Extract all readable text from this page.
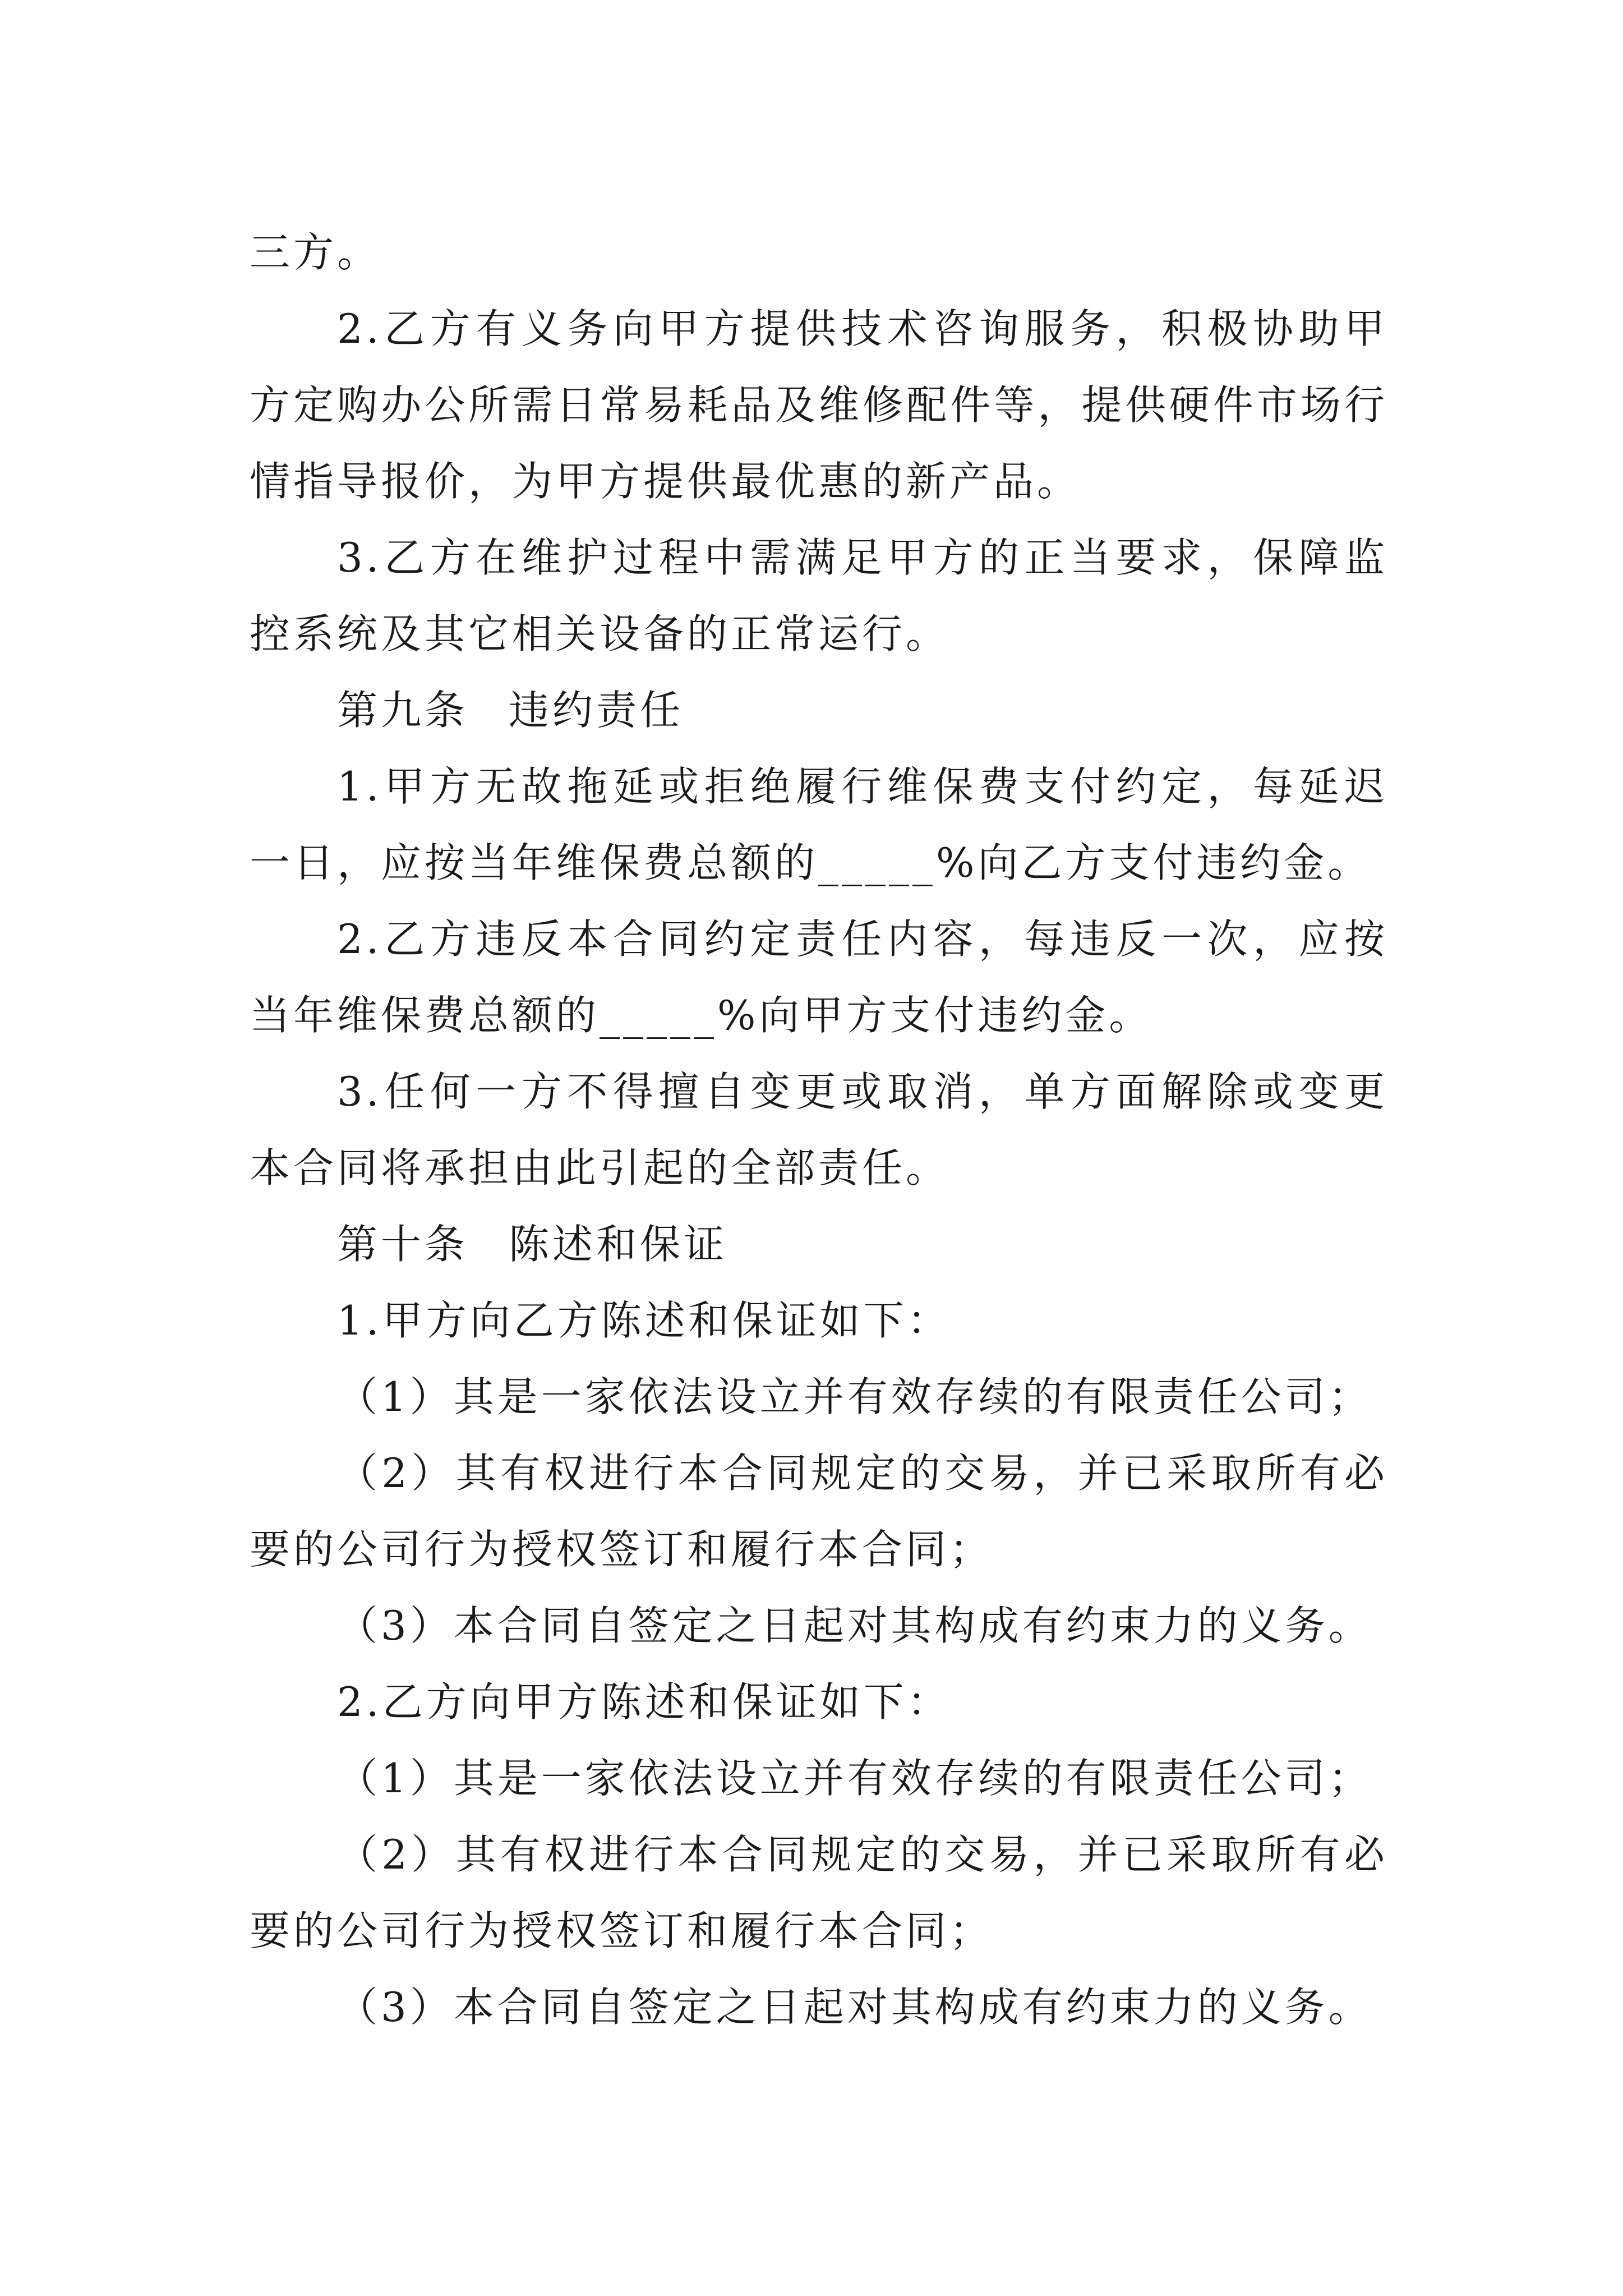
三方。

2.乙方有义务向甲方提供技术咨询服务，积极协助甲方定购办公所需日常易耗品及维修配件等，提供硬件市场行情指导报价，为甲方提供最优惠的新产品。

3.乙方在维护过程中需满足甲方的正当要求，保障监控系统及其它相关设备的正常运行。

第九条 违约责任

1.甲方无故拖延或拒绝履行维保费支付约定，每延迟一日，应按当年维保费总额的_____%向乙方支付违约金。

2.乙方违反本合同约定责任内容，每违反一次，应按当年维保费总额的_____%向甲方支付违约金。

3.任何一方不得擅自变更或取消，单方面解除或变更本合同将承担由此引起的全部责任。

第十条 陈述和保证

1.甲方向乙方陈述和保证如下：

（1）其是一家依法设立并有效存续的有限责任公司；

（2）其有权进行本合同规定的交易，并已采取所有必要的公司行为授权签订和履行本合同；

（3）本合同自签定之日起对其构成有约束力的义务。

2.乙方向甲方陈述和保证如下：

（1）其是一家依法设立并有效存续的有限责任公司；

（2）其有权进行本合同规定的交易，并已采取所有必要的公司行为授权签订和履行本合同；

（3）本合同自签定之日起对其构成有约束力的义务。
